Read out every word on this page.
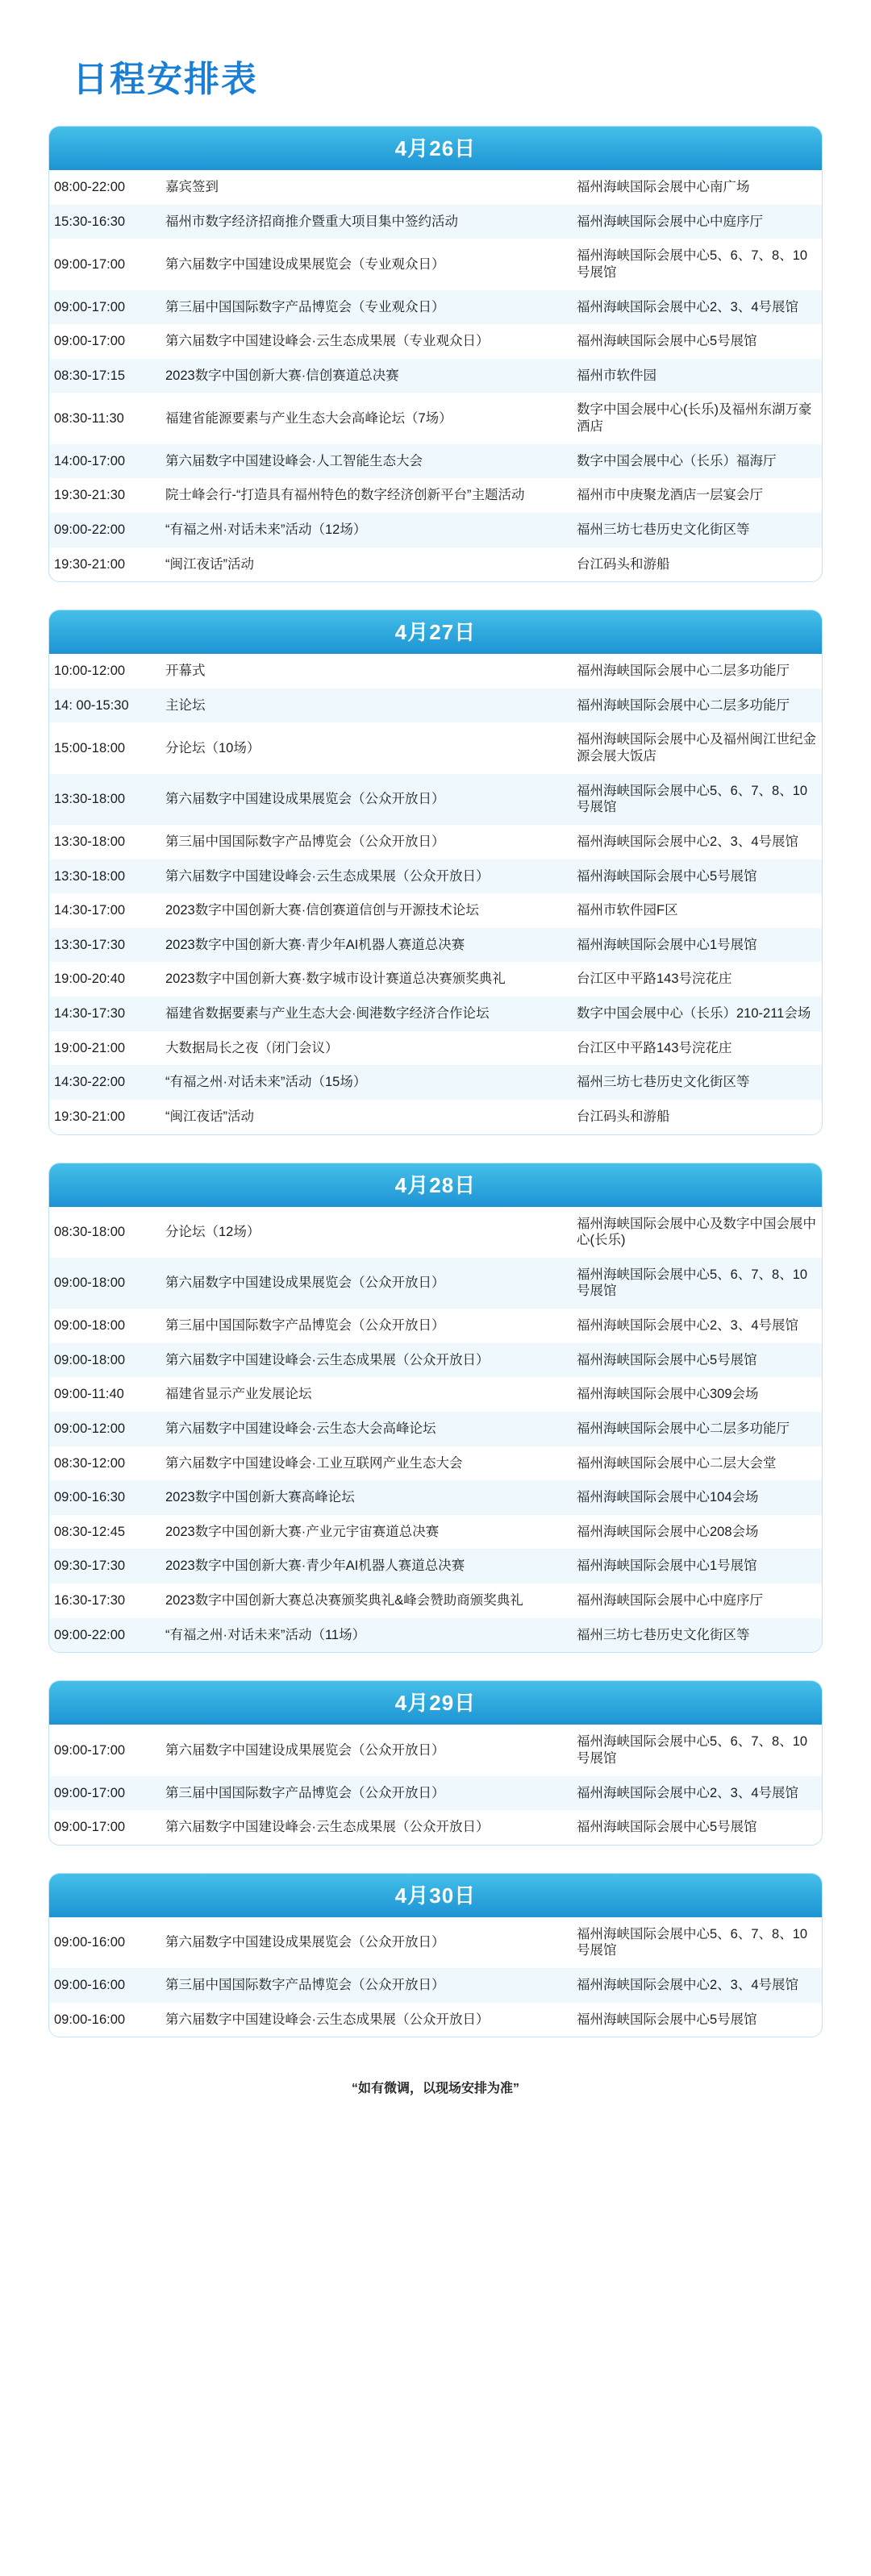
日程安排表
4月26日
08:00-22:00	嘉宾签到	福州海峡国际会展中心南广场
15:30-16:30	福州市数字经济招商推介暨重大项目集中签约活动	福州海峡国际会展中心中庭序厅
09:00-17:00	第六届数字中国建设成果展览会（专业观众日）	福州海峡国际会展中心5、6、7、8、10号展馆
09:00-17:00	第三届中国国际数字产品博览会（专业观众日）	福州海峡国际会展中心2、3、4号展馆
09:00-17:00	第六届数字中国建设峰会·云生态成果展（专业观众日）	福州海峡国际会展中心5号展馆
08:30-17:15	2023数字中国创新大赛·信创赛道总决赛	福州市软件园
08:30-11:30	福建省能源要素与产业生态大会高峰论坛（7场）	数字中国会展中心(长乐)及福州东湖万豪酒店
14:00-17:00	第六届数字中国建设峰会·人工智能生态大会	数字中国会展中心（长乐）福海厅
19:30-21:30	院士峰会行-“打造具有福州特色的数字经济创新平台”主题活动	福州市中庚聚龙酒店一层宴会厅
09:00-22:00	“有福之州·对话未来”活动（12场）	福州三坊七巷历史文化街区等
19:30-21:00	“闽江夜话”活动	台江码头和游船
4月27日
10:00-12:00	开幕式	福州海峡国际会展中心二层多功能厅
14: 00-15:30	主论坛	福州海峡国际会展中心二层多功能厅
15:00-18:00	分论坛（10场）	福州海峡国际会展中心及福州闽江世纪金源会展大饭店
13:30-18:00	第六届数字中国建设成果展览会（公众开放日）	福州海峡国际会展中心5、6、7、8、10号展馆
13:30-18:00	第三届中国国际数字产品博览会（公众开放日）	福州海峡国际会展中心2、3、4号展馆
13:30-18:00	第六届数字中国建设峰会·云生态成果展（公众开放日）	福州海峡国际会展中心5号展馆
14:30-17:00	2023数字中国创新大赛·信创赛道信创与开源技术论坛	福州市软件园F区
13:30-17:30	2023数字中国创新大赛·青少年AI机器人赛道总决赛	福州海峡国际会展中心1号展馆
19:00-20:40	2023数字中国创新大赛·数字城市设计赛道总决赛颁奖典礼	台江区中平路143号浣花庄
14:30-17:30	福建省数据要素与产业生态大会·闽港数字经济合作论坛	数字中国会展中心（长乐）210-211会场
19:00-21:00	大数据局长之夜（闭门会议）	台江区中平路143号浣花庄
14:30-22:00	“有福之州·对话未来”活动（15场）	福州三坊七巷历史文化街区等
19:30-21:00	“闽江夜话”活动	台江码头和游船
4月28日
08:30-18:00	分论坛（12场）	福州海峡国际会展中心及数字中国会展中心(长乐)
09:00-18:00	第六届数字中国建设成果展览会（公众开放日）	福州海峡国际会展中心5、6、7、8、10号展馆
09:00-18:00	第三届中国国际数字产品博览会（公众开放日）	福州海峡国际会展中心2、3、4号展馆
09:00-18:00	第六届数字中国建设峰会·云生态成果展（公众开放日）	福州海峡国际会展中心5号展馆
09:00-11:40	福建省显示产业发展论坛	福州海峡国际会展中心309会场
09:00-12:00	第六届数字中国建设峰会·云生态大会高峰论坛	福州海峡国际会展中心二层多功能厅
08:30-12:00	第六届数字中国建设峰会·工业互联网产业生态大会	福州海峡国际会展中心二层大会堂
09:00-16:30	2023数字中国创新大赛高峰论坛	福州海峡国际会展中心104会场
08:30-12:45	2023数字中国创新大赛·产业元宇宙赛道总决赛	福州海峡国际会展中心208会场
09:30-17:30	2023数字中国创新大赛·青少年AI机器人赛道总决赛	福州海峡国际会展中心1号展馆
16:30-17:30	2023数字中国创新大赛总决赛颁奖典礼&峰会赞助商颁奖典礼	福州海峡国际会展中心中庭序厅
09:00-22:00	“有福之州·对话未来”活动（11场）	福州三坊七巷历史文化街区等
4月29日
09:00-17:00	第六届数字中国建设成果展览会（公众开放日）	福州海峡国际会展中心5、6、7、8、10号展馆
09:00-17:00	第三届中国国际数字产品博览会（公众开放日）	福州海峡国际会展中心2、3、4号展馆
09:00-17:00	第六届数字中国建设峰会·云生态成果展（公众开放日）	福州海峡国际会展中心5号展馆
4月30日
09:00-16:00	第六届数字中国建设成果展览会（公众开放日）	福州海峡国际会展中心5、6、7、8、10号展馆
09:00-16:00	第三届中国国际数字产品博览会（公众开放日）	福州海峡国际会展中心2、3、4号展馆
09:00-16:00	第六届数字中国建设峰会·云生态成果展（公众开放日）	福州海峡国际会展中心5号展馆
“如有微调，以现场安排为准”
